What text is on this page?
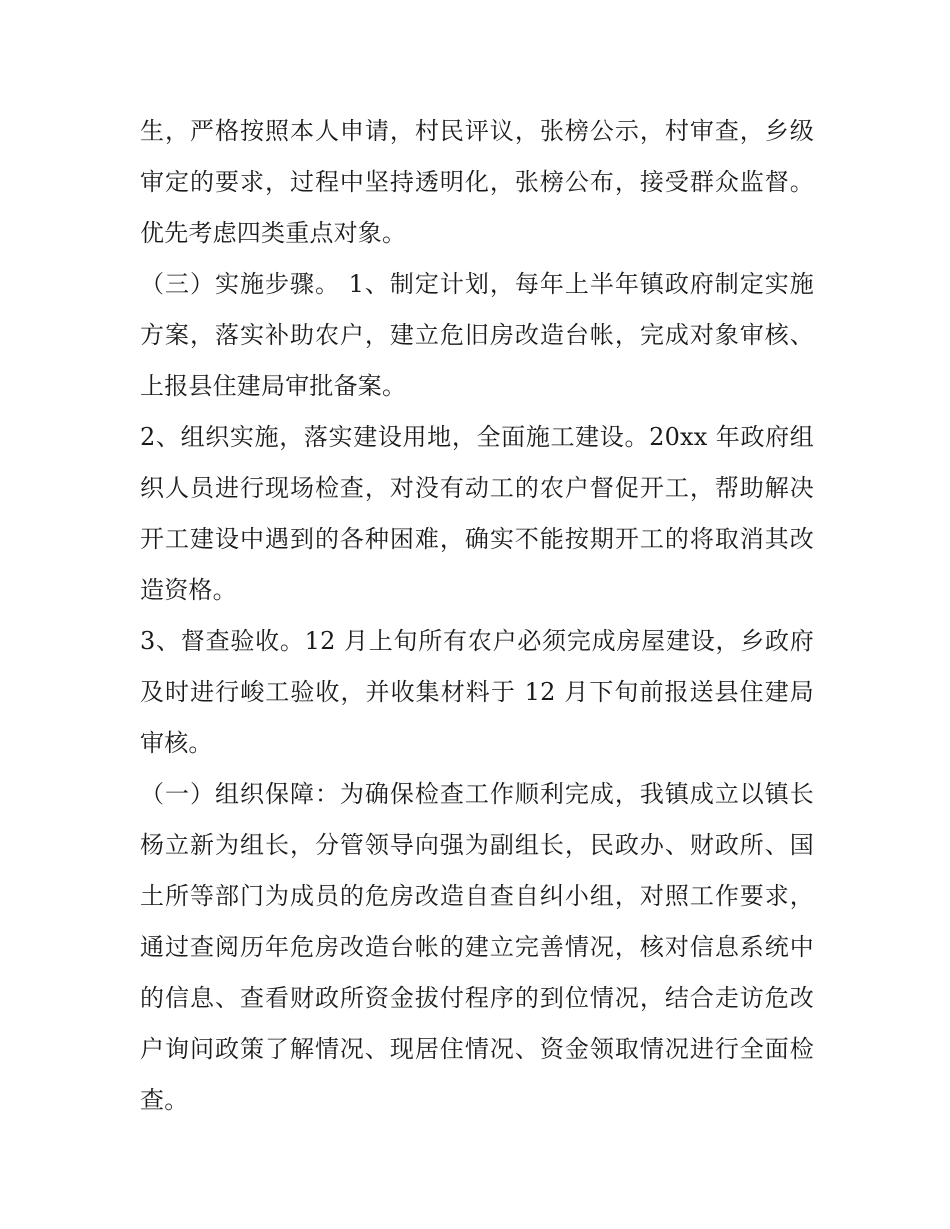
生，严格按照本人申请，村民评议，张榜公示，村审查，乡级审定的要求，过程中坚持透明化，张榜公布，接受群众监督。优先考虑四类重点对象。

（三）实施步骤。 1、制定计划，每年上半年镇政府制定实施方案，落实补助农户，建立危旧房改造台帐，完成对象审核、上报县住建局审批备案。

2、组织实施，落实建设用地，全面施工建设。20xx 年政府组织人员进行现场检查，对没有动工的农户督促开工，帮助解决开工建设中遇到的各种困难，确实不能按期开工的将取消其改造资格。

3、督查验收。12 月上旬所有农户必须完成房屋建设，乡政府及时进行峻工验收，并收集材料于 12 月下旬前报送县住建局审核。

（一）组织保障：为确保检查工作顺利完成，我镇成立以镇长杨立新为组长，分管领导向强为副组长，民政办、财政所、国土所等部门为成员的危房改造自查自纠小组，对照工作要求，通过查阅历年危房改造台帐的建立完善情况，核对信息系统中的信息、查看财政所资金拔付程序的到位情况，结合走访危改户询问政策了解情况、现居住情况、资金领取情况进行全面检查。
